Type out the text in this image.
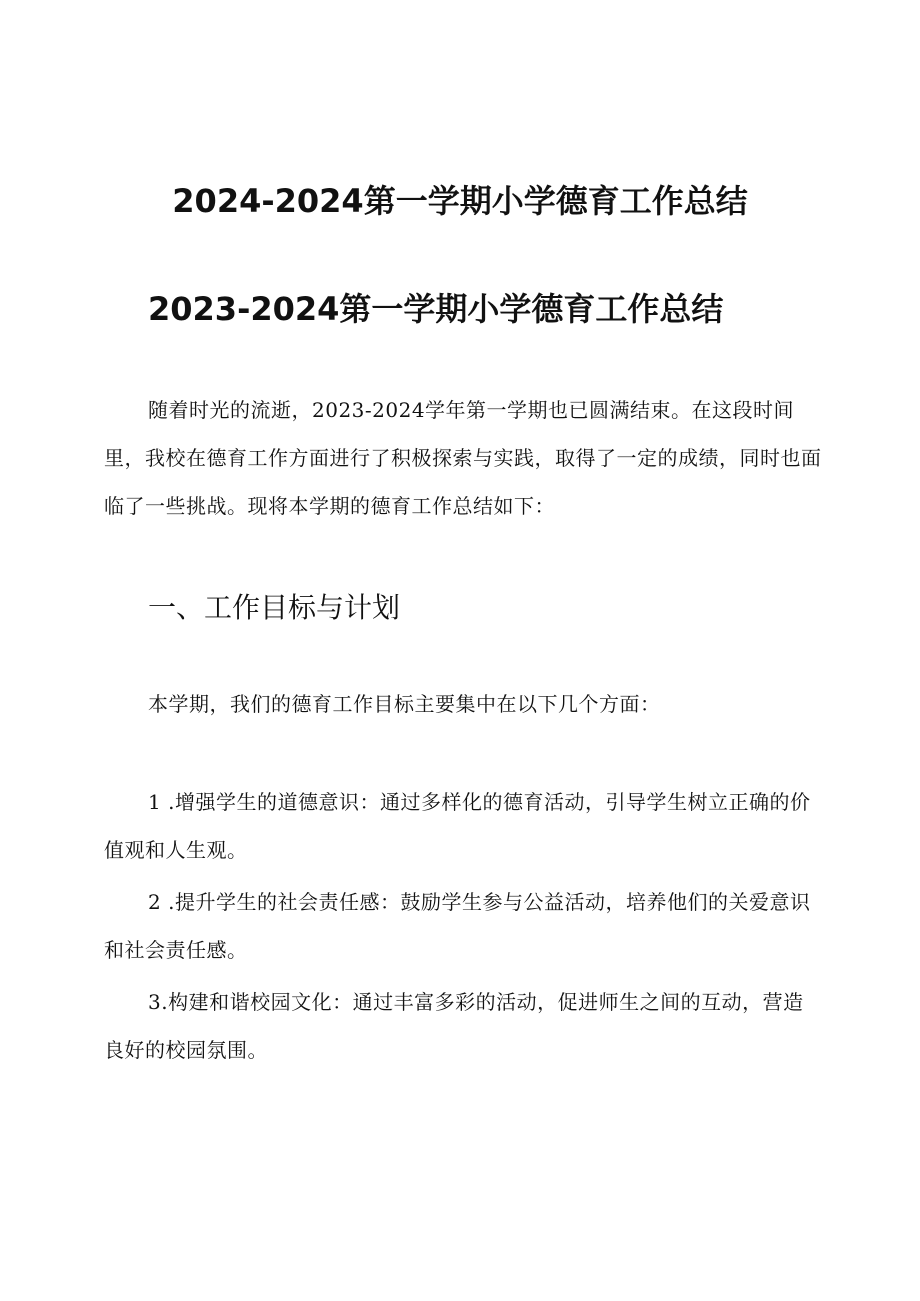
2024-2024第一学期小学德育工作总结
2023-2024第一学期小学德育工作总结

随着时光的流逝，2023-2024学年第一学期也已圆满结束。在这段时间里，我校在德育工作方面进行了积极探索与实践，取得了一定的成绩，同时也面临了一些挑战。现将本学期的德育工作总结如下：

一、工作目标与计划

本学期，我们的德育工作目标主要集中在以下几个方面：

1 .增强学生的道德意识：通过多样化的德育活动，引导学生树立正确的价值观和人生观。

2 .提升学生的社会责任感：鼓励学生参与公益活动，培养他们的关爱意识和社会责任感。

3.构建和谐校园文化：通过丰富多彩的活动，促进师生之间的互动，营造良好的校园氛围。
